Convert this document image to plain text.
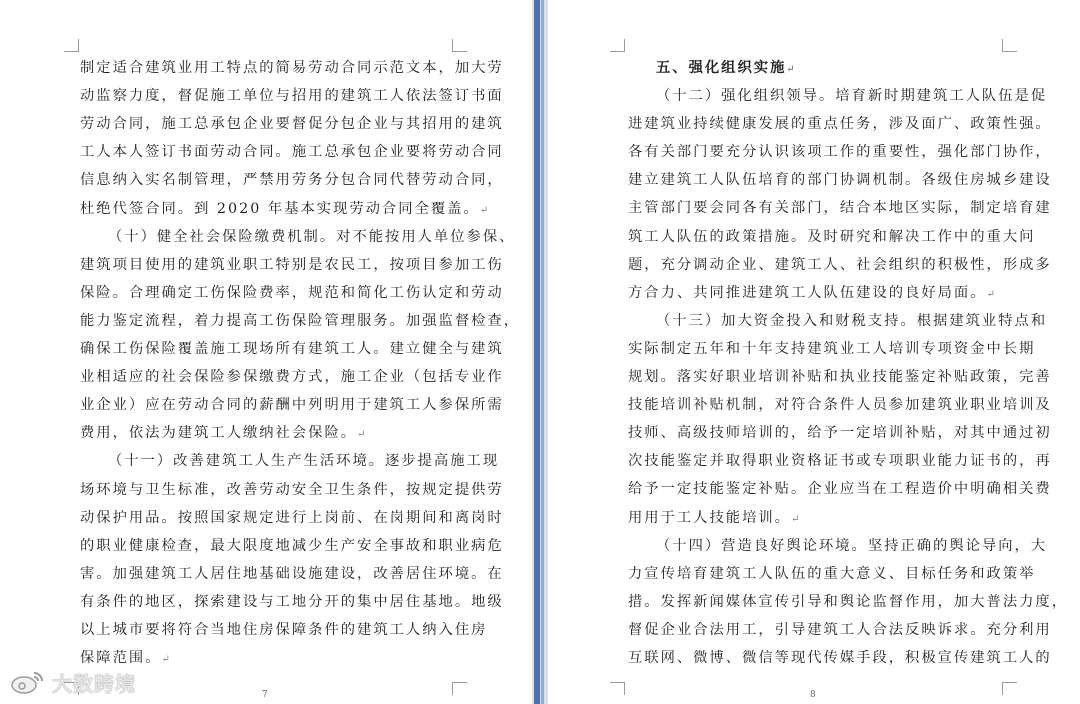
制定适合建筑业用工特点的简易劳动合同示范文本，加大劳
动监察力度，督促施工单位与招用的建筑工人依法签订书面
劳动合同，施工总承包企业要督促分包企业与其招用的建筑
工人本人签订书面劳动合同。施工总承包企业要将劳动合同
信息纳入实名制管理，严禁用劳务分包合同代替劳动合同，
杜绝代签合同。到 2020 年基本实现劳动合同全覆盖。↵
（十）健全社会保险缴费机制。对不能按用人单位参保、
建筑项目使用的建筑业职工特别是农民工，按项目参加工伤
保险。合理确定工伤保险费率，规范和简化工伤认定和劳动
能力鉴定流程，着力提高工伤保险管理服务。加强监督检查，
确保工伤保险覆盖施工现场所有建筑工人。建立健全与建筑
业相适应的社会保险参保缴费方式，施工企业（包括专业作
业企业）应在劳动合同的薪酬中列明用于建筑工人参保所需
费用，依法为建筑工人缴纳社会保险。↵
（十一）改善建筑工人生产生活环境。逐步提高施工现
场环境与卫生标准，改善劳动安全卫生条件，按规定提供劳
动保护用品。按照国家规定进行上岗前、在岗期间和离岗时
的职业健康检查，最大限度地减少生产安全事故和职业病危
害。加强建筑工人居住地基础设施建设，改善居住环境。在
有条件的地区，探索建设与工地分开的集中居住基地。地级
以上城市要将符合当地住房保障条件的建筑工人纳入住房
保障范围。↵
7
五、强化组织实施↵
（十二）强化组织领导。培育新时期建筑工人队伍是促
进建筑业持续健康发展的重点任务，涉及面广、政策性强。
各有关部门要充分认识该项工作的重要性，强化部门协作，
建立建筑工人队伍培育的部门协调机制。各级住房城乡建设
主管部门要会同各有关部门，结合本地区实际，制定培育建
筑工人队伍的政策措施。及时研究和解决工作中的重大问
题，充分调动企业、建筑工人、社会组织的积极性，形成多
方合力、共同推进建筑工人队伍建设的良好局面。↵
（十三）加大资金投入和财税支持。根据建筑业特点和
实际制定五年和十年支持建筑业工人培训专项资金中长期
规划。落实好职业培训补贴和执业技能鉴定补贴政策，完善
技能培训补贴机制，对符合条件人员参加建筑业职业培训及
技师、高级技师培训的，给予一定培训补贴，对其中通过初
次技能鉴定并取得职业资格证书或专项职业能力证书的，再
给予一定技能鉴定补贴。企业应当在工程造价中明确相关费
用用于工人技能培训。↵
（十四）营造良好舆论环境。坚持正确的舆论导向，大
力宣传培育建筑工人队伍的重大意义、目标任务和政策举
措。发挥新闻媒体宣传引导和舆论监督作用，加大普法力度，
督促企业合法用工，引导建筑工人合法反映诉求。充分利用
互联网、微博、微信等现代传媒手段，积极宣传建筑工人的
8
大数跨境
